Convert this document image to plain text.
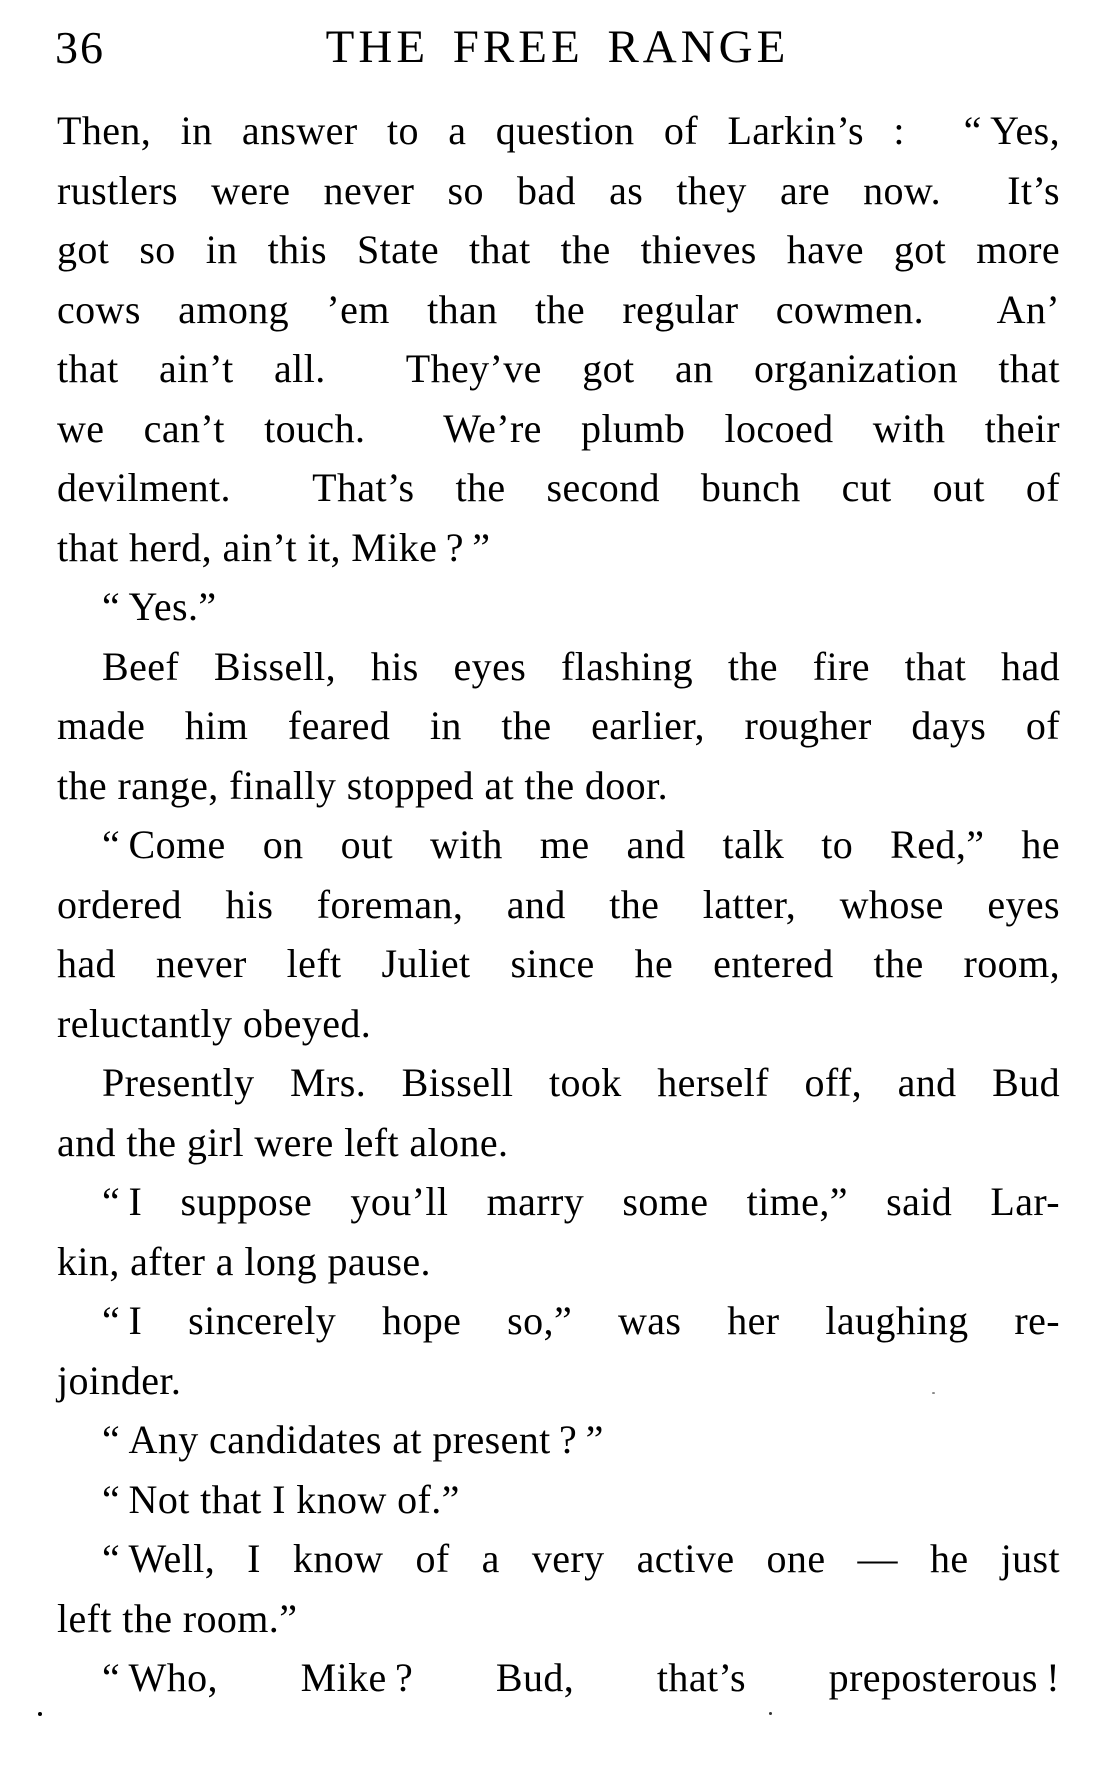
36	THE FREE RANGE
Then, in answer to a question of Larkin’s :  “ Yes,
rustlers were never so bad as they are now.  It’s
got so in this State that the thieves have got more
cows among ’em than the regular cowmen.  An’
that ain’t all.  They’ve got an organization that
we can’t touch.  We’re plumb locoed with their
devilment.  That’s the second bunch cut out of
that herd, ain’t it, Mike ? ”
“ Yes.”
Beef Bissell, his eyes flashing the fire that had
made him feared in the earlier, rougher days of
the range, finally stopped at the door.
“ Come on out with me and talk to Red,” he
ordered his foreman, and the latter, whose eyes
had never left Juliet since he entered the room,
reluctantly obeyed.
Presently Mrs. Bissell took herself off, and Bud
and the girl were left alone.
“ I suppose you’ll marry some time,” said Lar-
kin, after a long pause.
“ I sincerely hope so,” was her laughing re-
joinder.
“ Any candidates at present ? ”
“ Not that I know of.”
“ Well, I know of a very active one — he just
left the room.”
“ Who, Mike ? Bud, that’s preposterous !
